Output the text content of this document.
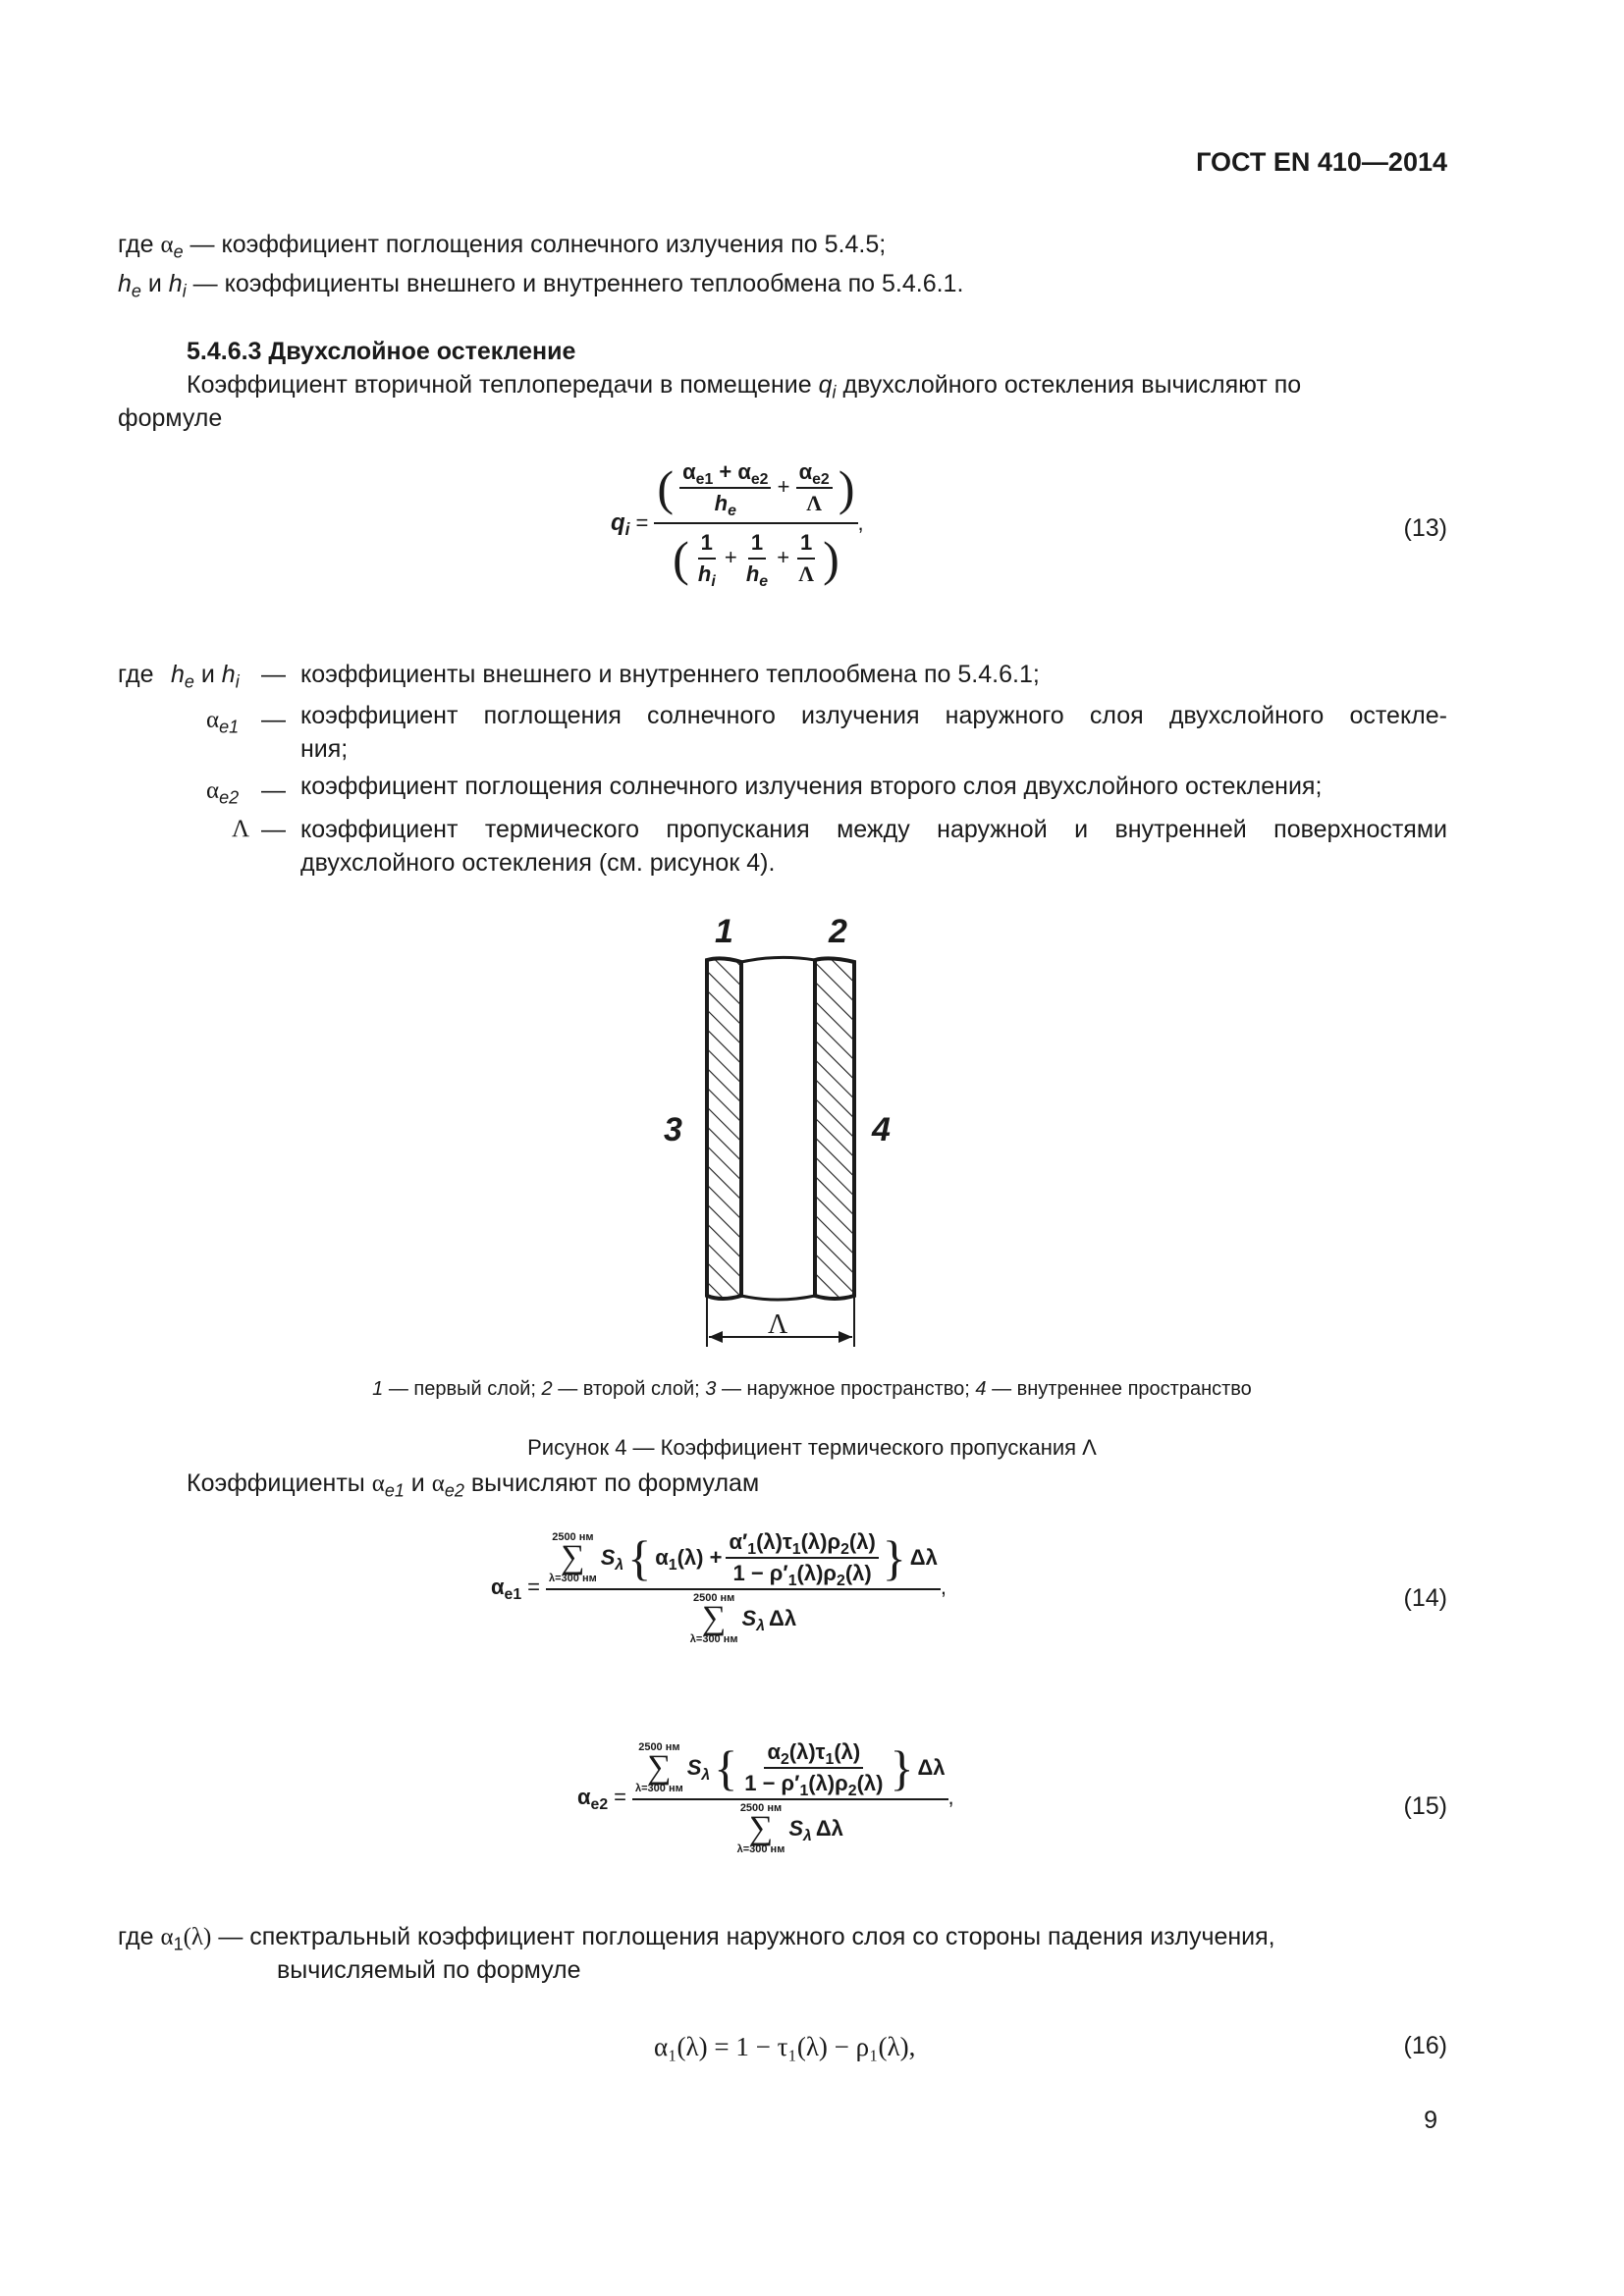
ГОСТ EN 410—2014
где $\alpha_e$ — коэффициент поглощения солнечного излучения по 5.4.5;
$h_e$ и $h_i$ — коэффициенты внешнего и внутреннего теплообмена по 5.4.6.1.
5.4.6.3 Двухслойное остекление
Коэффициент вторичной теплопередачи в помещение $q_i$ двухслойного остекления вычисляют по
формуле
$q_i = \frac{( \frac{\alpha_{e1} + \alpha_{e2}}{h_e} + \frac{\alpha_{e2}}{\Lambda} )}{( \frac{1}{h_i} + \frac{1}{h_e} + \frac{1}{\Lambda} )}$ ,	(13)
где $h_e$ и $h_i$ — коэффициенты внешнего и внутреннего теплообмена по 5.4.6.1;
$\alpha_{e1}$ — коэффициент поглощения солнечного излучения наружного слоя двухслойного остекле-
ния;
$\alpha_{e2}$ — коэффициент поглощения солнечного излучения второго слоя двухслойного остекления;
Λ — коэффициент термического пропускания между наружной и внутренней поверхностями
двухслойного остекления (см. рисунок 4).
1	2
3	4
Λ
1 — первый слой; 2 — второй слой; 3 — наружное пространство; 4 — внутреннее пространство
Рисунок 4 — Коэффициент термического пропускания Λ
Коэффициенты $\alpha_{e1}$ и $\alpha_{e2}$ вычисляют по формулам
$\alpha_{e1}$ =
2500 нм
∑
λ=300 нм
$S_\lambda$ { $\alpha_1(\lambda) + \frac{\alpha'_1(\lambda)\tau_1(\lambda)\rho_2(\lambda)}{1 - \rho'_1(\lambda)\rho_2(\lambda)}$ } Δλ
2500 нм
∑
λ=300 нм
$S_\lambda$ Δλ
,	(14)
$\alpha_{e2}$ =
2500 нм
∑
λ=300 нм
$S_\lambda$ { $\frac{\alpha_2(\lambda)\tau_1(\lambda)}{1 - \rho'_1(\lambda)\rho_2(\lambda)}$ } Δλ
2500 нм
∑
λ=300 нм
$S_\lambda$ Δλ
,	(15)
где $\alpha_1(\lambda)$ — спектральный коэффициент поглощения наружного слоя со стороны падения излучения,
вычисляемый по формуле
α₁(λ) = 1 − τ₁(λ) − ρ₁(λ),	(16)
9
